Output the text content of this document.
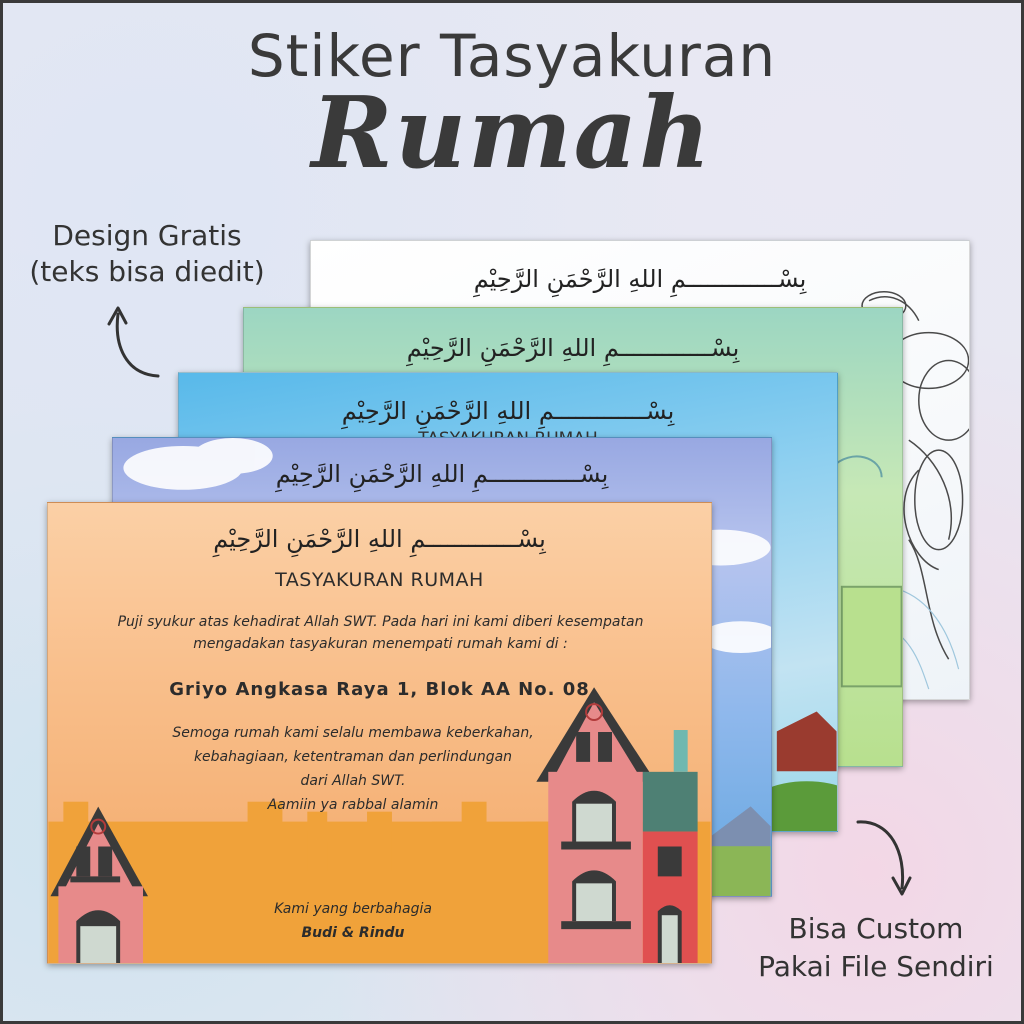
Stiker Tasyakuran
Rumah
Design Gratis
(teks bisa diedit)	بِسْـــــــــــــمِ اللهِ الرَّحْمَنِ الرَّحِيْمِ
بِسْـــــــــــــمِ اللهِ الرَّحْمَنِ الرَّحِيْمِ
بِسْـــــــــــــمِ اللهِ الرَّحْمَنِ الرَّحِيْمِ
بِسْـــــــــــــمِ اللهِ الرَّحْمَنِ الرَّحِيْمِ
بِسْـــــــــــــمِ اللهِ الرَّحْمَنِ الرَّحِيْمِ
TASYAKURAN RUMAH
Puji syukur atas kehadirat Allah SWT. Pada hari ini kami diberi kesempatan
mengadakan tasyakuran menempati rumah kami di :
Griyo Angkasa Raya 1, Blok AA No. 08
Semoga rumah kami selalu membawa keberkahan,
kebahagiaan, ketentraman dan perlindungan
dari Allah SWT.
Aamiin ya rabbal alamin
Kami yang berbahagia
Budi & Rindu	Bisa Custom
Pakai File Sendiri
